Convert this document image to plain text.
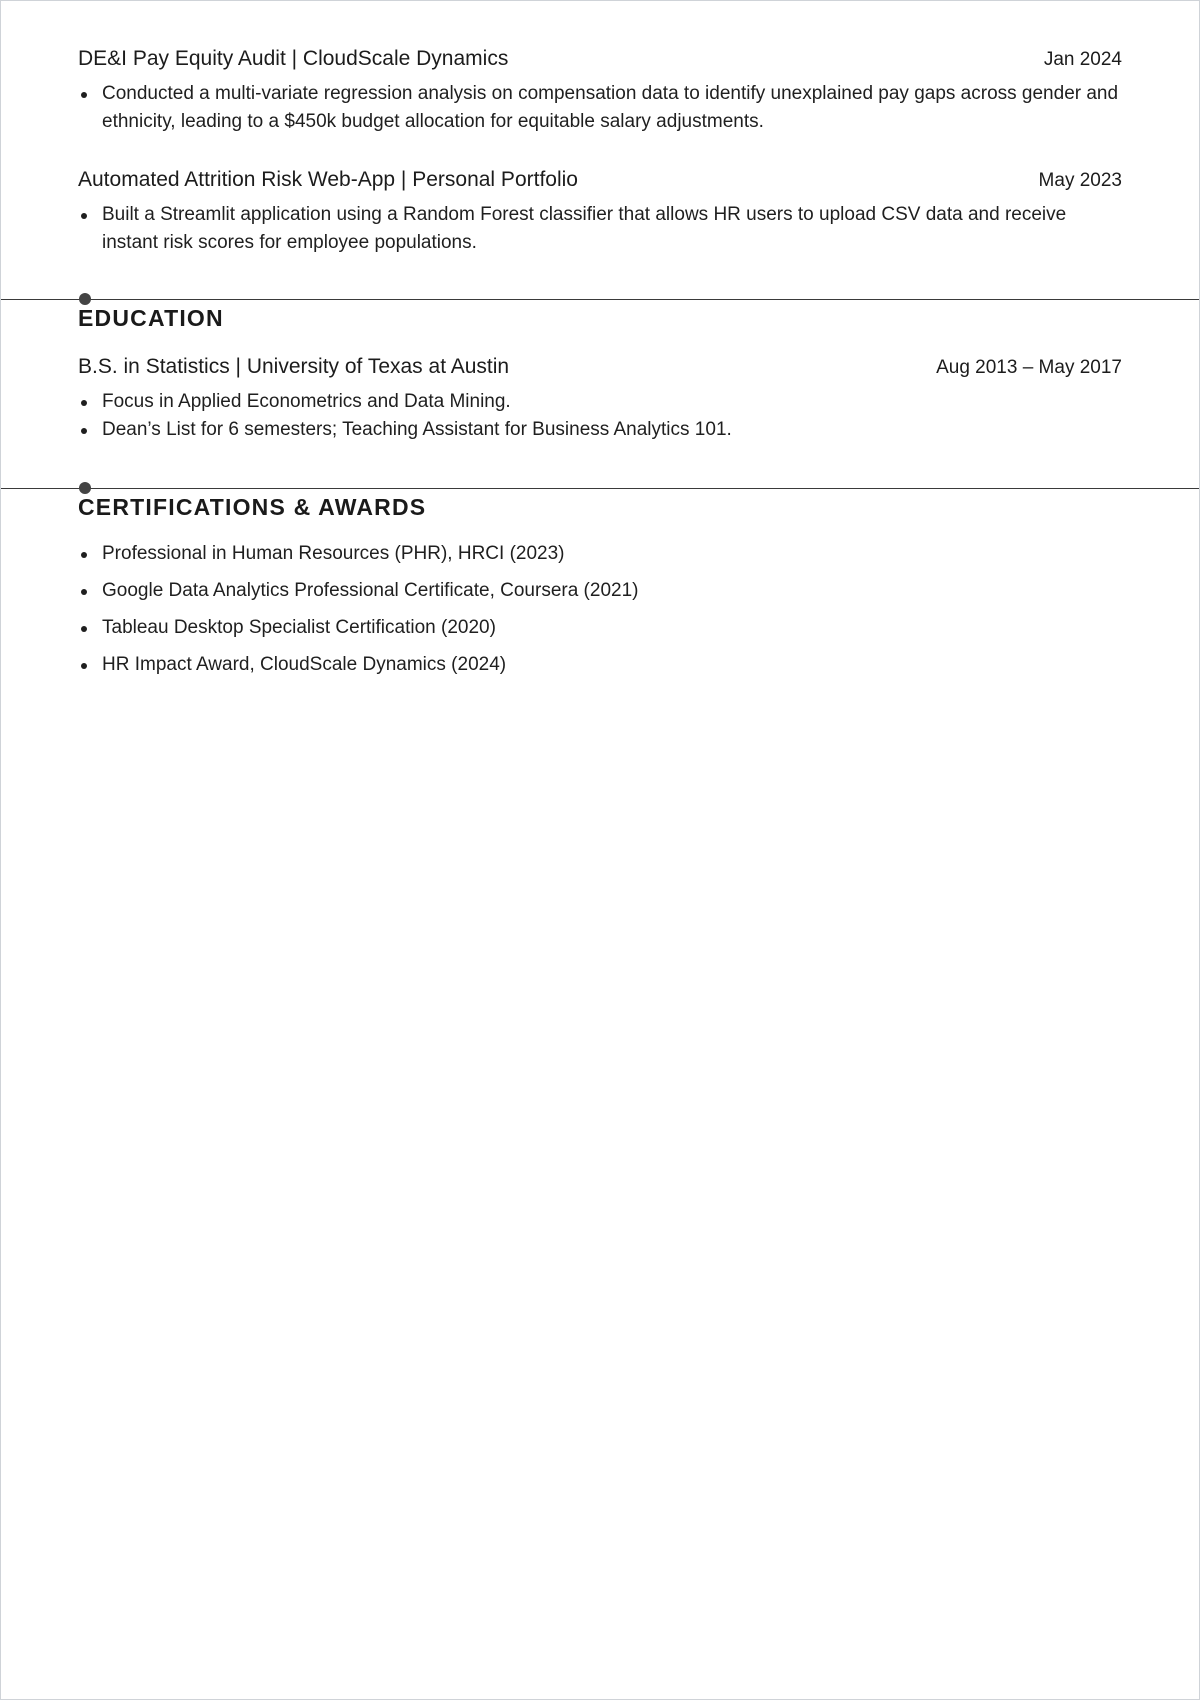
DE&I Pay Equity Audit | CloudScale Dynamics	Jan 2024
Conducted a multi-variate regression analysis on compensation data to identify unexplained pay gaps across gender and ethnicity, leading to a $450k budget allocation for equitable salary adjustments.
Automated Attrition Risk Web-App | Personal Portfolio	May 2023
Built a Streamlit application using a Random Forest classifier that allows HR users to upload CSV data and receive instant risk scores for employee populations.
EDUCATION
B.S. in Statistics | University of Texas at Austin	Aug 2013 – May 2017
Focus in Applied Econometrics and Data Mining.
Dean’s List for 6 semesters; Teaching Assistant for Business Analytics 101.
CERTIFICATIONS & AWARDS
Professional in Human Resources (PHR), HRCI (2023)
Google Data Analytics Professional Certificate, Coursera (2021)
Tableau Desktop Specialist Certification (2020)
HR Impact Award, CloudScale Dynamics (2024)
